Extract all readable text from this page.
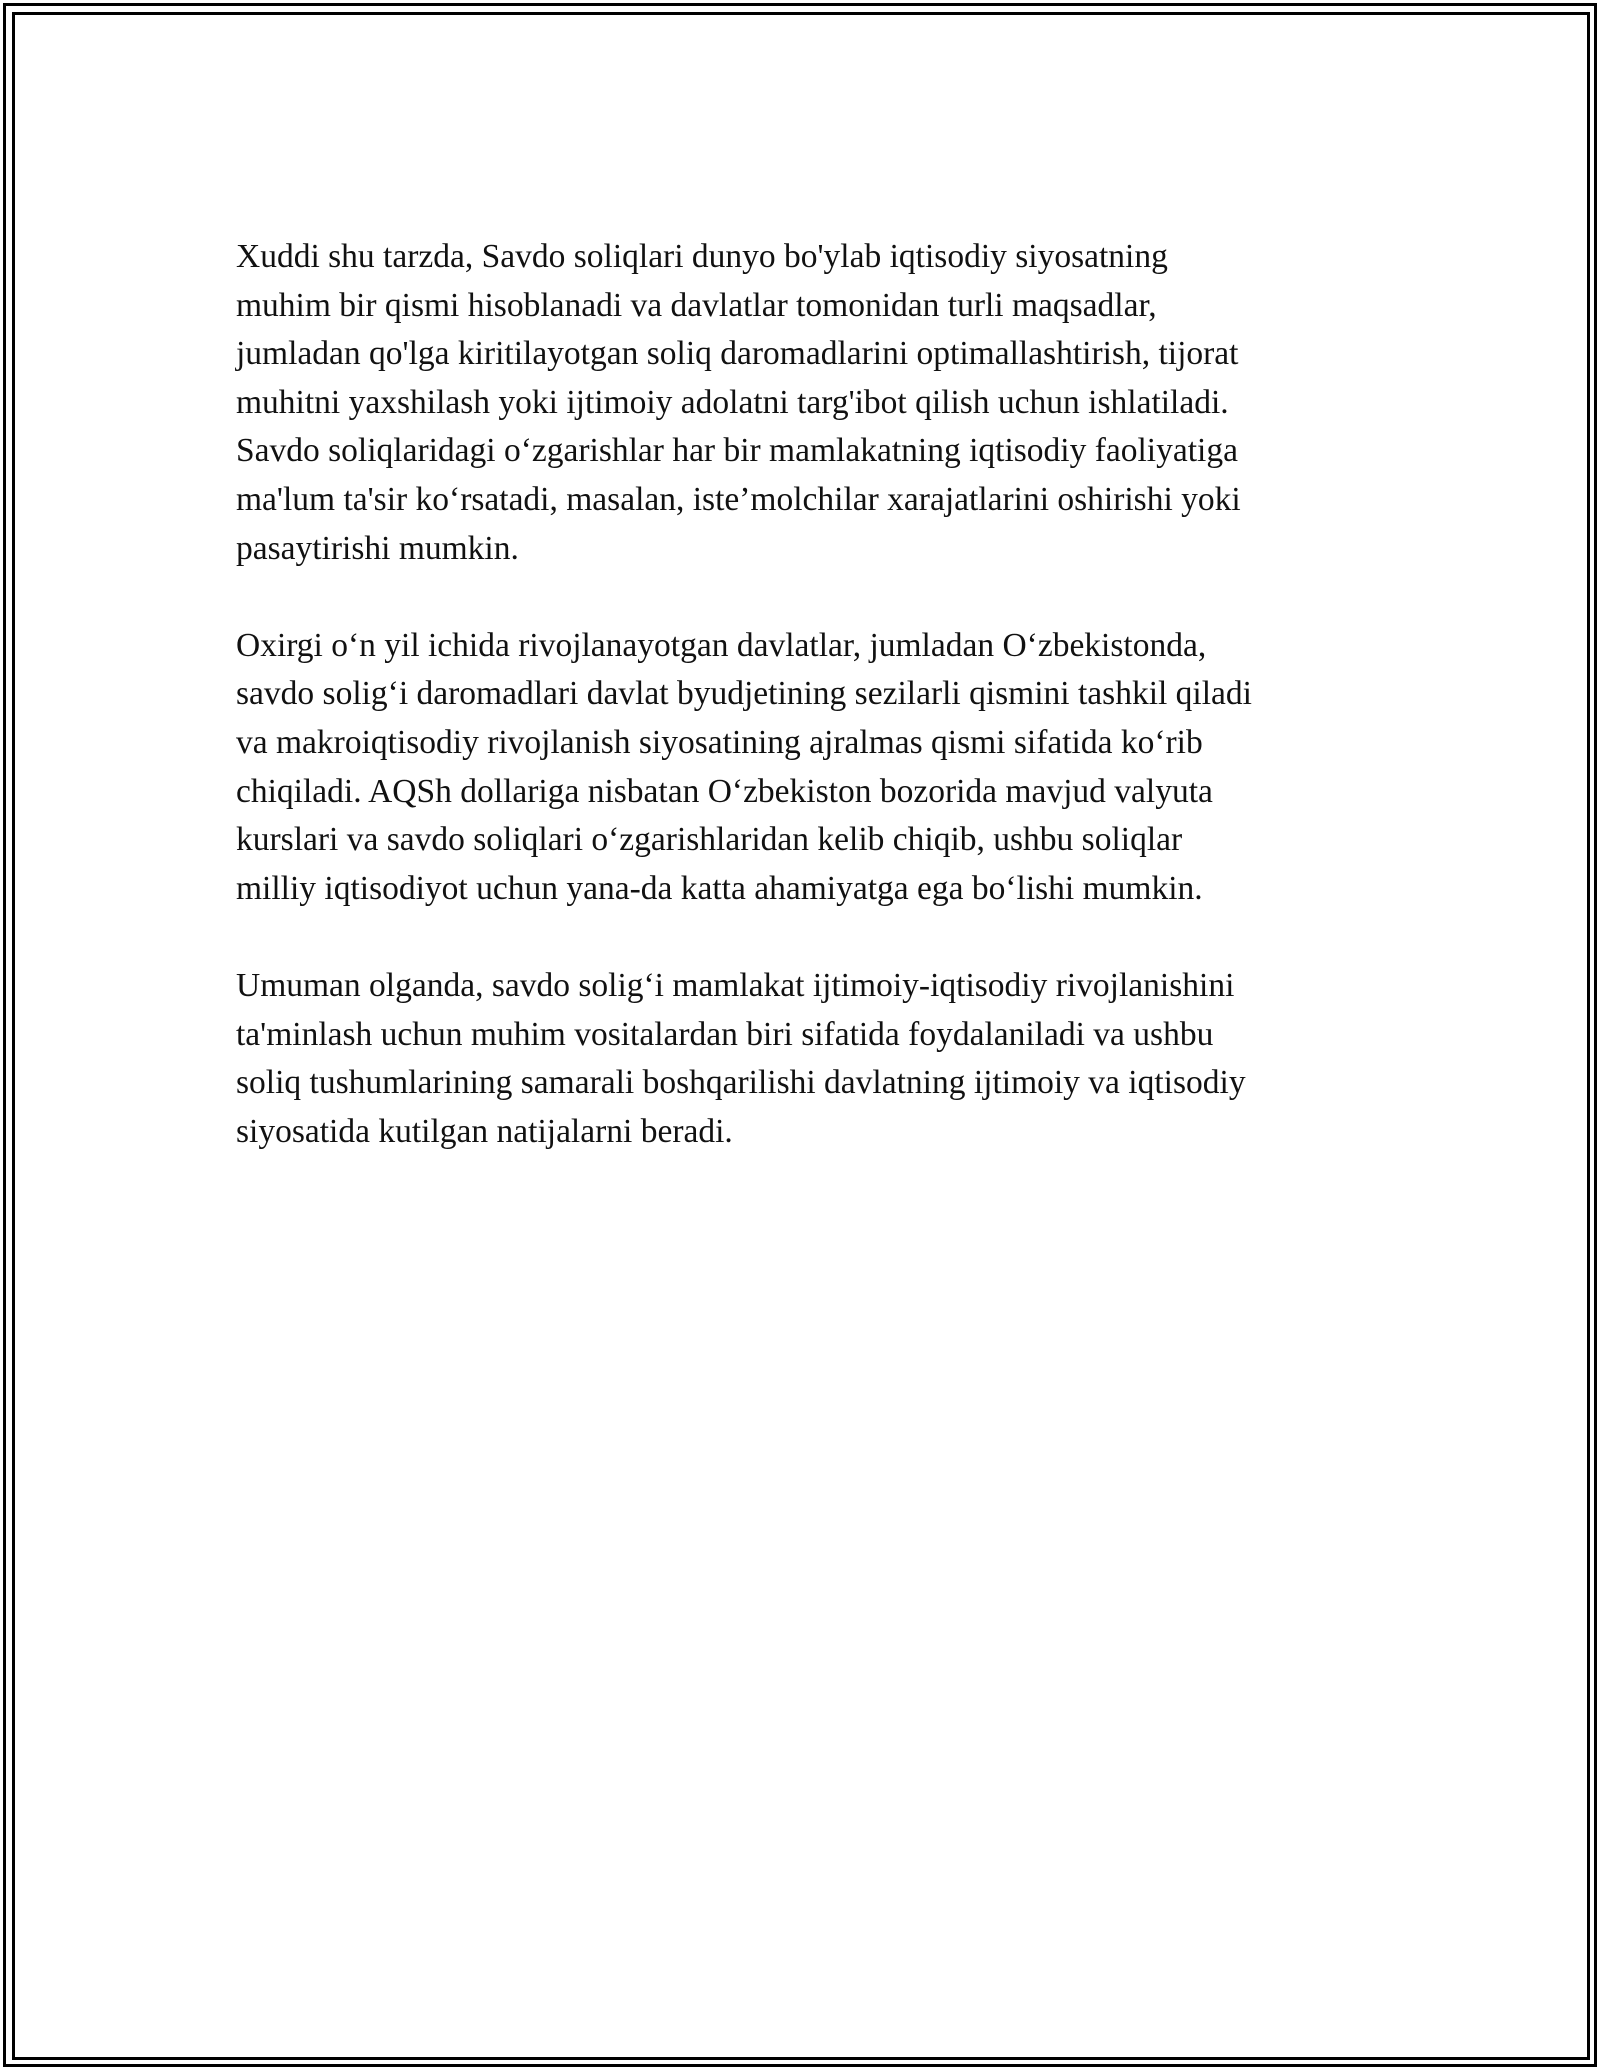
Xuddi shu tarzda, Savdo soliqlari dunyo bo'ylab iqtisodiy siyosatning
muhim bir qismi hisoblanadi va davlatlar tomonidan turli maqsadlar,
jumladan qo'lga kiritilayotgan soliq daromadlarini optimallashtirish, tijorat
muhitni yaxshilash yoki ijtimoiy adolatni targ'ibot qilish uchun ishlatiladi.
Savdo soliqlaridagi o‘zgarishlar har bir mamlakatning iqtisodiy faoliyatiga
ma'lum ta'sir ko‘rsatadi, masalan, iste’molchilar xarajatlarini oshirishi yoki
pasaytirishi mumkin.

Oxirgi o‘n yil ichida rivojlanayotgan davlatlar, jumladan O‘zbekistonda,
savdo solig‘i daromadlari davlat byudjetining sezilarli qismini tashkil qiladi
va makroiqtisodiy rivojlanish siyosatining ajralmas qismi sifatida ko‘rib
chiqiladi. AQSh dollariga nisbatan O‘zbekiston bozorida mavjud valyuta
kurslari va savdo soliqlari o‘zgarishlaridan kelib chiqib, ushbu soliqlar
milliy iqtisodiyot uchun yana-da katta ahamiyatga ega bo‘lishi mumkin.

Umuman olganda, savdo solig‘i mamlakat ijtimoiy-iqtisodiy rivojlanishini
ta'minlash uchun muhim vositalardan biri sifatida foydalaniladi va ushbu
soliq tushumlarining samarali boshqarilishi davlatning ijtimoiy va iqtisodiy
siyosatida kutilgan natijalarni beradi.
